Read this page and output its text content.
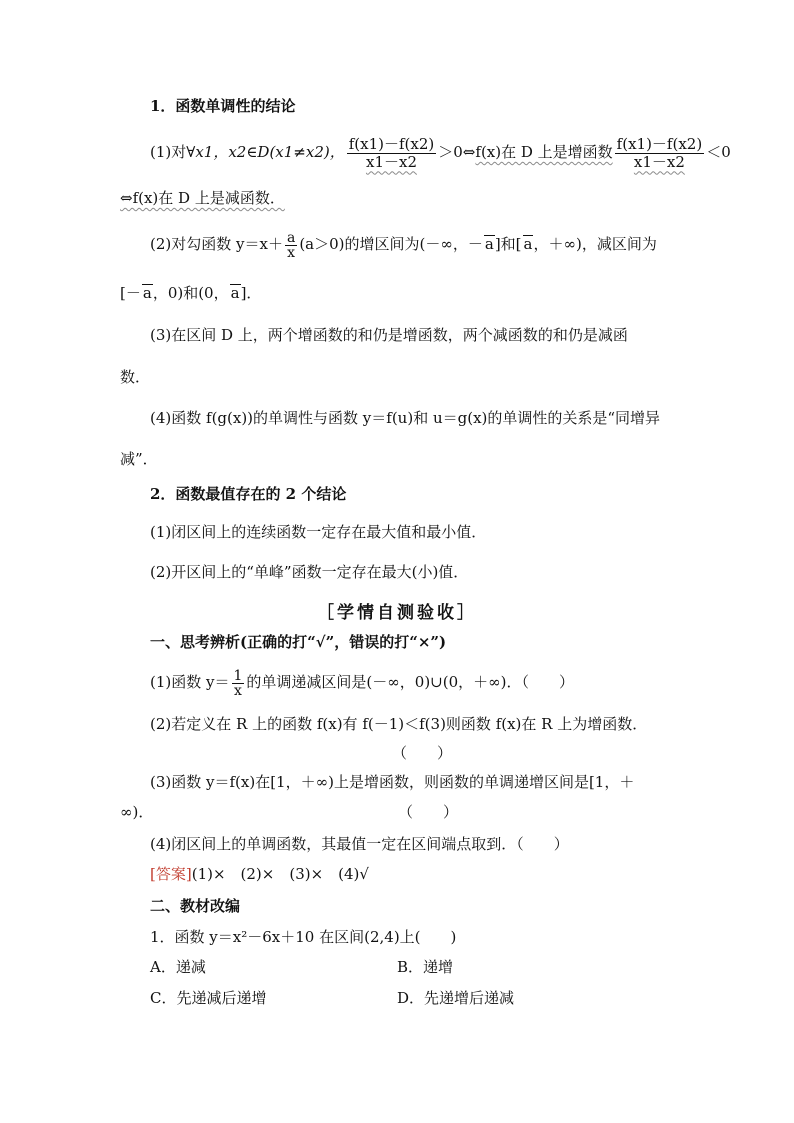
1．函数单调性的结论
(1)对∀x1，x2∈D(x1≠x2)， $\frac{f(x1)-f(x2)}{x1-x2}$ ＞0⇔f(x)在 D 上是增函数 $\frac{f(x1)-f(x2)}{x1-x2} <0$
⇔f(x)在 D 上是减函数．
(2)对勾函数 $y=x+ \frac{a}{x} (a>0)$的增区间为(－∞，－ a]和[ a，＋∞)，减区间为
[－ a，0)和(0， a]．
(3)在区间 D 上，两个增函数的和仍是增函数，两个减函数的和仍是减函
数．
(4)函数 f(g(x))的单调性与函数 y＝f(u)和 u＝g(x)的单调性的关系是“同增异
减”．
2．函数最值存在的 2 个结论
(1)闭区间上的连续函数一定存在最大值和最小值．
(2)开区间上的“单峰”函数一定存在最大(小)值．
［学情自测验收］
一、思考辨析(正确的打“√”，错误的打“×”)
(1)函数 $y= \frac{1}{x}$ 的单调递减区间是(－∞，0)∪(0，＋∞)．（　　）
(2)若定义在 R 上的函数 f(x)有 f(－1)＜f(3)则函数 f(x)在 R 上为增函数．
（　　）
(3)函数 y＝f(x)在[1，＋∞)上是增函数，则函数的单调递增区间是[1，＋
∞)．	（　　）
(4)闭区间上的单调函数，其最值一定在区间端点取到．（　　）
[答案](1)×　(2)×　(3)×　(4)√
二、教材改编
1．函数 y＝x²－6x＋10 在区间(2,4)上(　　)
A．递减	B．递增
C．先递减后递增	D．先递增后递减
